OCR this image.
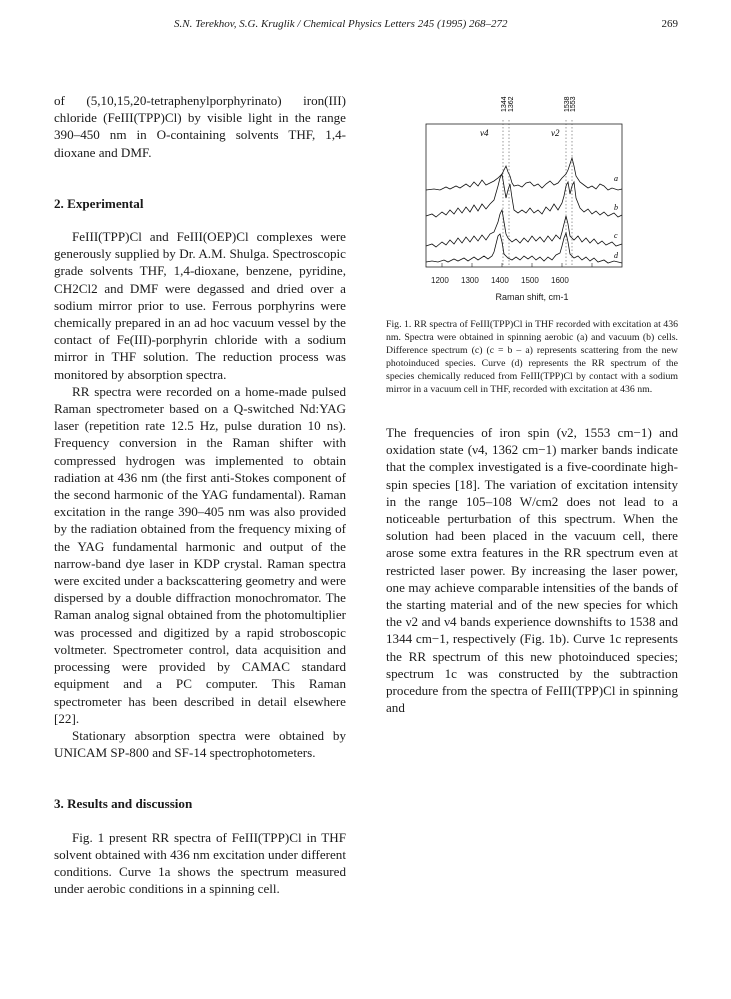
S.N. Terekhov, S.G. Kruglik / Chemical Physics Letters 245 (1995) 268–272	269

of (5,10,15,20-tetraphenylporphyrinato) iron(III) chloride (FeIII(TPP)Cl) by visible light in the range 390–450 nm in O-containing solvents THF, 1,4-dioxane and DMF.

2. Experimental

FeIII(TPP)Cl and FeIII(OEP)Cl complexes were generously supplied by Dr. A.M. Shulga. Spectroscopic grade solvents THF, 1,4-dioxane, benzene, pyridine, CH2Cl2 and DMF were degassed and dried over a sodium mirror prior to use. Ferrous porphyrins were chemically prepared in an ad hoc vacuum vessel by the contact of Fe(III)-porphyrin chloride with a sodium mirror in THF solution. The reduction process was monitored by absorption spectra.

RR spectra were recorded on a home-made pulsed Raman spectrometer based on a Q-switched Nd:YAG laser (repetition rate 12.5 Hz, pulse duration 10 ns). Frequency conversion in the Raman shifter with compressed hydrogen was implemented to obtain radiation at 436 nm (the first anti-Stokes component of the second harmonic of the YAG fundamental). Raman excitation in the range 390–405 nm was also provided by the radiation obtained from the frequency mixing of the YAG fundamental harmonic and output of the narrow-band dye laser in KDP crystal. Raman spectra were excited under a backscattering geometry and were dispersed by a double diffraction monochromator. The Raman analog signal obtained from the photomultiplier was processed and digitized by a rapid stroboscopic voltmeter. Spectrometer control, data acquisition and processing were provided by CAMAC standard equipment and a PC computer. This Raman spectrometer has been described in detail elsewhere [22].

Stationary absorption spectra were obtained by UNICAM SP-800 and SF-14 spectrophotometers.

3. Results and discussion

Fig. 1 present RR spectra of FeIII(TPP)Cl in THF solvent obtained with 436 nm excitation under different conditions. Curve 1a shows the spectrum measured under aerobic conditions in a spinning cell.

1344 1362	1538 1553
ν4	ν2
a
b
c
d
1200 1300 1400 1500 1600
Raman shift, cm-1
Fig. 1. RR spectra of FeIII(TPP)Cl in THF recorded with excitation at 436 nm. Spectra were obtained in spinning aerobic (a) and vacuum (b) cells. Difference spectrum (c) (c = b – a) represents scattering from the new photoinduced species. Curve (d) represents the RR spectrum of the species chemically reduced from FeIII(TPP)Cl by contact with a sodium mirror in a vacuum cell in THF, recorded with excitation at 436 nm.

The frequencies of iron spin (ν2, 1553 cm−1) and oxidation state (ν4, 1362 cm−1) marker bands indicate that the complex investigated is a five-coordinate high-spin species [18]. The variation of excitation intensity in the range 105–108 W/cm2 does not lead to a noticeable perturbation of this spectrum. When the solution had been placed in the vacuum cell, there arose some extra features in the RR spectrum even at restricted laser power. By increasing the laser power, one may achieve comparable intensities of the bands of the starting material and of the new species for which the ν2 and ν4 bands experience downshifts to 1538 and 1344 cm−1, respectively (Fig. 1b). Curve 1c represents the RR spectrum of this new photoinduced species; spectrum 1c was constructed by the subtraction procedure from the spectra of FeIII(TPP)Cl in spinning and
